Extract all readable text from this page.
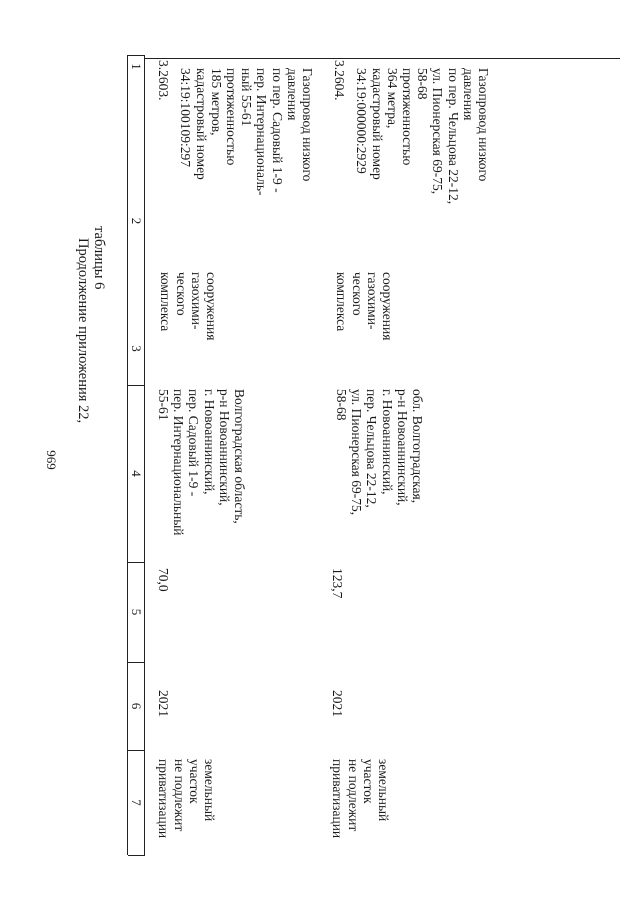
969
Продолжение приложения 22, таблицы 6
1
2
3
4
5
6
7
3.2603.	Газопровод низкого
давления
по пер. Садовый 1-9 -
пер. Интернациональ-
ный 55-61
протяженностью
185 метров,
кадастровый номер
34:19:100109:297
сооружения
газохими-
ческого
комплекса
Волгоградская область,
р-н Новоаннинский,
г. Новоаннинский,
пер. Садовый 1-9 -
пер. Интернациональный
55-61
70,0
2021
земельный
участок
не подлежит
приватизации
3.2604.	Газопровод низкого
давления
по пер. Чельцова 22-12,
ул. Пионерская 69-75,
58-68
протяженностью
364 метра,
кадастровый номер
34:19:000000:2929
сооружения
газохими-
ческого
комплекса
обл. Волгоградская,
р-н Новоаннинский,
г. Новоаннинский,
пер. Чельцова 22-12,
ул. Пионерская 69-75,
58-68
123,7
2021
земельный
участок
не подлежит
приватизации
